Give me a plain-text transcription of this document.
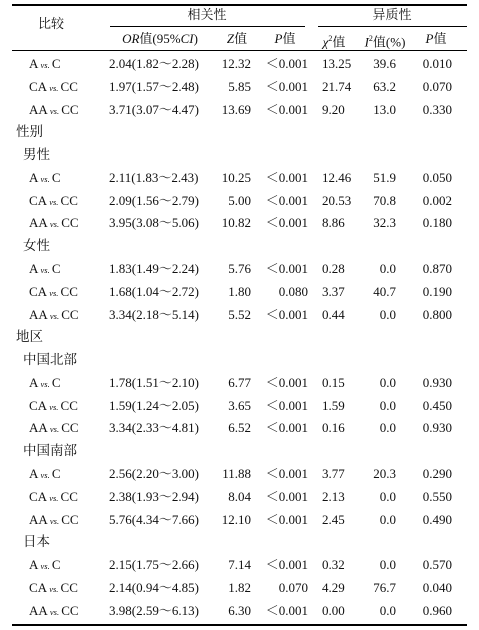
比较
相关性	异质性
OR值(95%CI) Z值 P值 $\chi^2$值 $I^2$值(%) P值
A vs. C	2.04(1.82～2.28) 12.32 ＜0.001 13.25 39.6 0.010
CA vs. CC 1.97(1.57～2.48) 5.85 ＜0.001 21.74 63.2 0.070
AA vs. CC 3.71(3.07～4.47) 13.69 ＜0.001 9.20 13.0 0.330
性别
男性
A vs. C	2.11(1.83～2.43) 10.25 ＜0.001 12.46 51.9 0.050
CA vs. CC 2.09(1.56～2.79) 5.00 ＜0.001 20.53 70.8 0.002
AA vs. CC 3.95(3.08～5.06) 10.82 ＜0.001 8.86 32.3 0.180
女性
A vs. C	1.83(1.49～2.24) 5.76 ＜0.001 0.28	0.0 0.870
CA vs. CC 1.68(1.04～2.72) 1.80 0.080 3.37 40.7 0.190
AA vs. CC 3.34(2.18～5.14) 5.52 ＜0.001 0.44	0.0 0.800
地区
中国北部
A vs. C	1.78(1.51～2.10) 6.77 ＜0.001 0.15	0.0 0.930
CA vs. CC 1.59(1.24～2.05) 3.65 ＜0.001 1.59	0.0 0.450
AA vs. CC 3.34(2.33～4.81) 6.52 ＜0.001 0.16	0.0 0.930
中国南部
A vs. C	2.56(2.20～3.00) 11.88 ＜0.001 3.77 20.3 0.290
CA vs. CC 2.38(1.93～2.94) 8.04 ＜0.001 2.13	0.0 0.550
AA vs. CC 5.76(4.34～7.66) 12.10 ＜0.001 2.45	0.0 0.490
日本
A vs. C	2.15(1.75～2.66) 7.14 ＜0.001 0.32	0.0 0.570
CA vs. CC 2.14(0.94～4.85) 1.82 0.070 4.29 76.7 0.040
AA vs. CC 3.98(2.59～6.13) 6.30 ＜0.001 0.00	0.0 0.960
